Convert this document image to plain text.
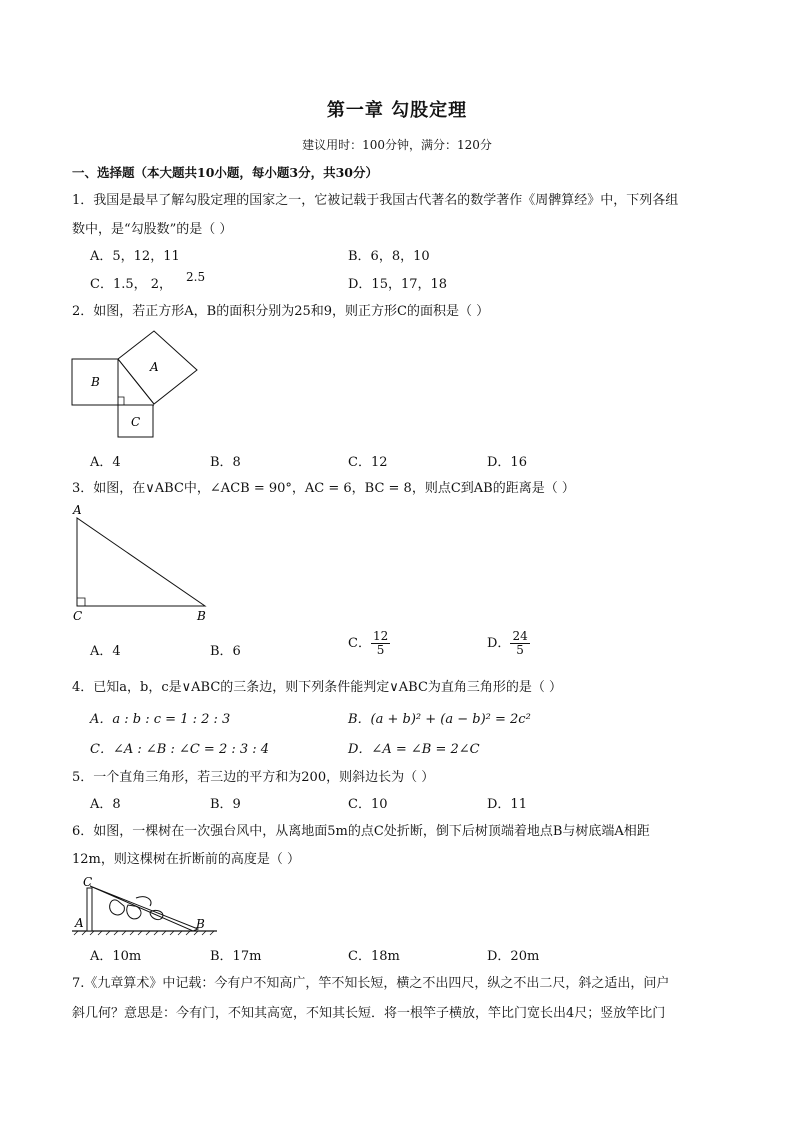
第一章 勾股定理
建议用时：100分钟，满分：120分
一、选择题（本大题共10小题，每小题3分，共30分）
1．我国是最早了解勾股定理的国家之一，它被记载于我国古代著名的数学著作《周髀算经》中，下列各组
数中，是“勾股数”的是（ ）
A．5，12，11	B．6，8，10
C．1.5， 2， 2.5	D．15，17，18
2．如图，若正方形A，B的面积分别为25和9，则正方形C的面积是（ ）
B
A
C
A．4	B．8	C．12	D．16
3．如图，在∨ABC中，∠ACB = 90°，AC = 6，BC = 8，则点C到AB的距离是（ ）
A
C	B
A．4	B．6
C． $\frac{12}{5}$	D． $\frac{24}{5}$
4．已知a，b，c是∨ABC的三条边，则下列条件能判定∨ABC为直角三角形的是（ ）
A．a : b : c = 1 : 2 : 3	B．(a + b)² + (a − b)² = 2c²
C．∠A : ∠B : ∠C = 2 : 3 : 4	D．∠A = ∠B = 2∠C
5．一个直角三角形，若三边的平方和为200，则斜边长为（ ）
A．8	B．9	C．10	D．11
6．如图，一棵树在一次强台风中，从离地面5m的点C处折断，倒下后树顶端着地点B与树底端A相距
12m，则这棵树在折断前的高度是（ ）
C
A	B
A．10m	B．17m	C．18m	D．20m
7.《九章算术》中记载：今有户不知高广，竿不知长短，横之不出四尺，纵之不出二尺，斜之适出，问户
斜几何？意思是：今有门，不知其高宽，不知其长短．将一根竿子横放，竿比门宽长出4尺；竖放竿比门
